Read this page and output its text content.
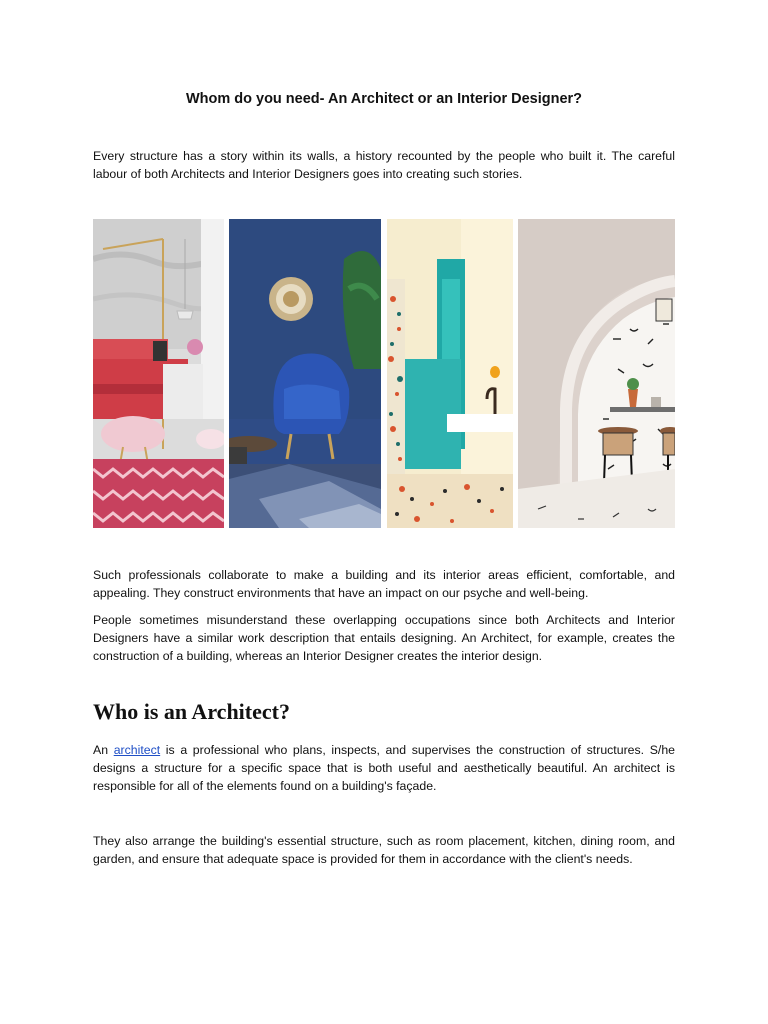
Whom do you need- An Architect or an Interior Designer?

Every structure has a story within its walls, a history recounted by the people who built it. The careful labour of both Architects and Interior Designers goes into creating such stories.

Such professionals collaborate to make a building and its interior areas efficient, comfortable, and appealing. They construct environments that have an impact on our psyche and well-being.

People sometimes misunderstand these overlapping occupations since both Architects and Interior Designers have a similar work description that entails designing. An Architect, for example, creates the construction of a building, whereas an Interior Designer creates the interior design.

Who is an Architect?

An architect is a professional who plans, inspects, and supervises the construction of structures. S/he designs a structure for a specific space that is both useful and aesthetically beautiful. An architect is responsible for all of the elements found on a building's façade.

They also arrange the building's essential structure, such as room placement, kitchen, dining room, and garden, and ensure that adequate space is provided for them in accordance with the client's needs.
